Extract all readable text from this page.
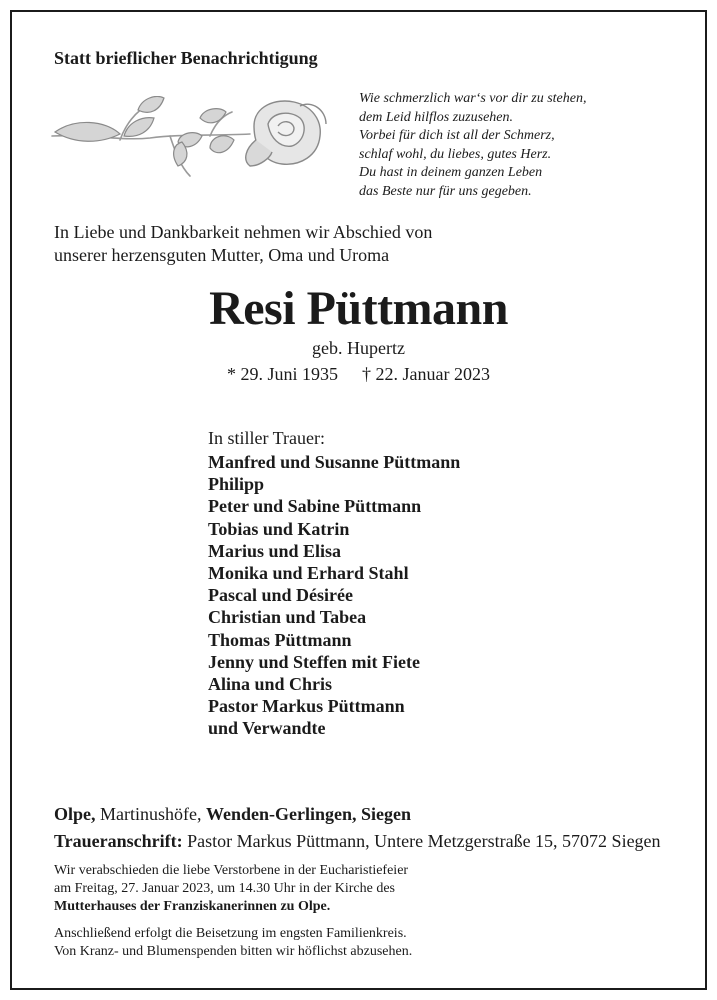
Statt brieflicher Benachrichtigung
Wie schmerzlich war‘s vor dir zu stehen,
dem Leid hilflos zuzusehen.
Vorbei für dich ist all der Schmerz,
schlaf wohl, du liebes, gutes Herz.
Du hast in deinem ganzen Leben
das Beste nur für uns gegeben.
In Liebe und Dankbarkeit nehmen wir Abschied von
unserer herzensguten Mutter, Oma und Uroma
Resi Püttmann
geb. Hupertz
* 29. Juni 1935 † 22. Januar 2023
In stiller Trauer:
Manfred und Susanne Püttmann
Philipp
Peter und Sabine Püttmann
Tobias und Katrin
Marius und Elisa
Monika und Erhard Stahl
Pascal und Désirée
Christian und Tabea
Thomas Püttmann
Jenny und Steffen mit Fiete
Alina und Chris
Pastor Markus Püttmann
und Verwandte
Olpe, Martinushöfe, Wenden-Gerlingen, Siegen
Traueranschrift: Pastor Markus Püttmann, Untere Metzgerstraße 15, 57072 Siegen
Wir verabschieden die liebe Verstorbene in der Eucharistiefeier
am Freitag, 27. Januar 2023, um 14.30 Uhr in der Kirche des
Mutterhauses der Franziskanerinnen zu Olpe.
Anschließend erfolgt die Beisetzung im engsten Familienkreis.
Von Kranz- und Blumenspenden bitten wir höflichst abzusehen.
